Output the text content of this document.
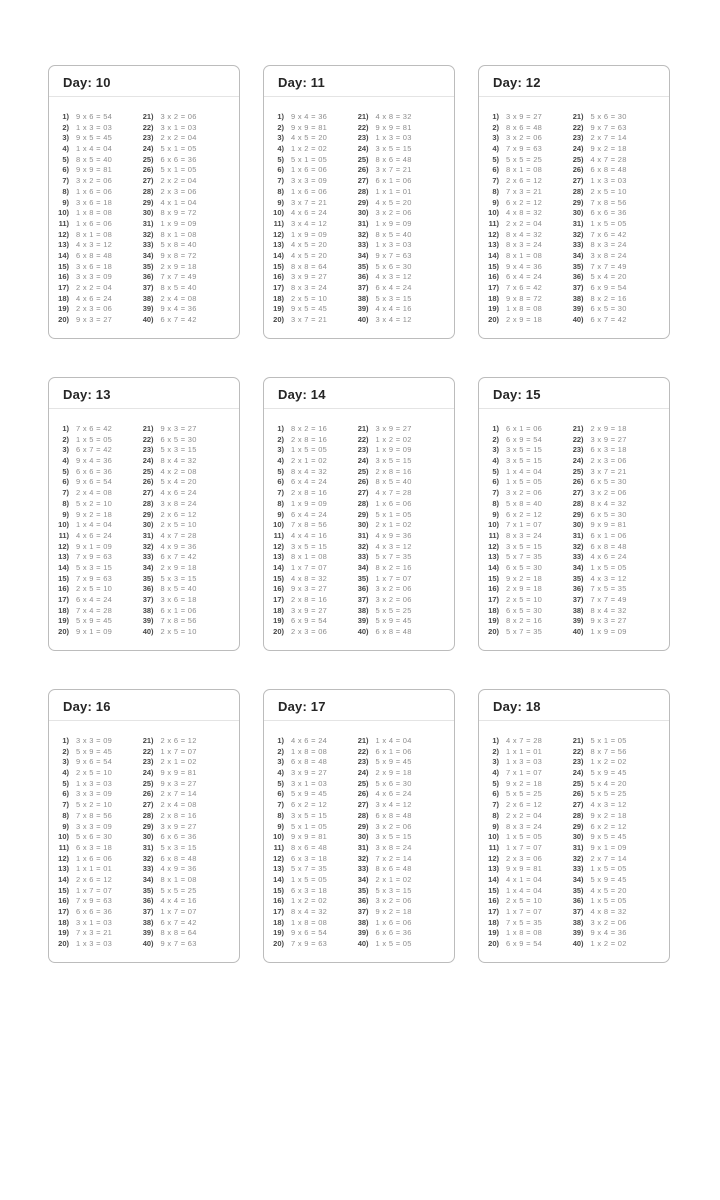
Day: 10
1) 9 x 6 = 54
2) 1 x 3 = 03
3) 9 x 5 = 45
4) 1 x 4 = 04
5) 8 x 5 = 40
6) 9 x 9 = 81
7) 3 x 2 = 06
8) 1 x 6 = 06
9) 3 x 6 = 18
10) 1 x 8 = 08
11) 1 x 6 = 06
12) 8 x 1 = 08
13) 4 x 3 = 12
14) 6 x 8 = 48
15) 3 x 6 = 18
16) 3 x 3 = 09
17) 2 x 2 = 04
18) 4 x 6 = 24
19) 2 x 3 = 06
20) 9 x 3 = 27
21) 3 x 2 = 06
22) 3 x 1 = 03
23) 2 x 2 = 04
24) 5 x 1 = 05
25) 6 x 6 = 36
26) 5 x 1 = 05
27) 2 x 2 = 04
28) 2 x 3 = 06
29) 4 x 1 = 04
30) 8 x 9 = 72
31) 1 x 9 = 09
32) 8 x 1 = 08
33) 5 x 8 = 40
34) 9 x 8 = 72
35) 2 x 9 = 18
36) 7 x 7 = 49
37) 8 x 5 = 40
38) 2 x 4 = 08
39) 9 x 4 = 36
40) 6 x 7 = 42
Day: 11
1) 9 x 4 = 36
2) 9 x 9 = 81
3) 4 x 5 = 20
4) 1 x 2 = 02
5) 5 x 1 = 05
6) 1 x 6 = 06
7) 3 x 3 = 09
8) 1 x 6 = 06
9) 3 x 7 = 21
10) 4 x 6 = 24
11) 3 x 4 = 12
12) 1 x 9 = 09
13) 4 x 5 = 20
14) 4 x 5 = 20
15) 8 x 8 = 64
16) 3 x 9 = 27
17) 8 x 3 = 24
18) 2 x 5 = 10
19) 9 x 5 = 45
20) 3 x 7 = 21
21) 4 x 8 = 32
22) 9 x 9 = 81
23) 1 x 3 = 03
24) 3 x 5 = 15
25) 8 x 6 = 48
26) 3 x 7 = 21
27) 6 x 1 = 06
28) 1 x 1 = 01
29) 4 x 5 = 20
30) 3 x 2 = 06
31) 1 x 9 = 09
32) 8 x 5 = 40
33) 1 x 3 = 03
34) 9 x 7 = 63
35) 5 x 6 = 30
36) 4 x 3 = 12
37) 6 x 4 = 24
38) 5 x 3 = 15
39) 4 x 4 = 16
40) 3 x 4 = 12
Day: 12
1) 3 x 9 = 27
2) 8 x 6 = 48
3) 3 x 2 = 06
4) 7 x 9 = 63
5) 5 x 5 = 25
6) 8 x 1 = 08
7) 2 x 6 = 12
8) 7 x 3 = 21
9) 6 x 2 = 12
10) 4 x 8 = 32
11) 2 x 2 = 04
12) 8 x 4 = 32
13) 8 x 3 = 24
14) 8 x 1 = 08
15) 9 x 4 = 36
16) 6 x 4 = 24
17) 7 x 6 = 42
18) 9 x 8 = 72
19) 1 x 8 = 08
20) 2 x 9 = 18
21) 5 x 6 = 30
22) 9 x 7 = 63
23) 2 x 7 = 14
24) 9 x 2 = 18
25) 4 x 7 = 28
26) 6 x 8 = 48
27) 1 x 3 = 03
28) 2 x 5 = 10
29) 7 x 8 = 56
30) 6 x 6 = 36
31) 1 x 5 = 05
32) 7 x 6 = 42
33) 8 x 3 = 24
34) 3 x 8 = 24
35) 7 x 7 = 49
36) 5 x 4 = 20
37) 6 x 9 = 54
38) 8 x 2 = 16
39) 6 x 5 = 30
40) 6 x 7 = 42
Day: 13
1) 7 x 6 = 42
2) 1 x 5 = 05
3) 6 x 7 = 42
4) 9 x 4 = 36
5) 6 x 6 = 36
6) 9 x 6 = 54
7) 2 x 4 = 08
8) 5 x 2 = 10
9) 9 x 2 = 18
10) 1 x 4 = 04
11) 4 x 6 = 24
12) 9 x 1 = 09
13) 7 x 9 = 63
14) 5 x 3 = 15
15) 7 x 9 = 63
16) 2 x 5 = 10
17) 6 x 4 = 24
18) 7 x 4 = 28
19) 5 x 9 = 45
20) 9 x 1 = 09
21) 9 x 3 = 27
22) 6 x 5 = 30
23) 5 x 3 = 15
24) 8 x 4 = 32
25) 4 x 2 = 08
26) 5 x 4 = 20
27) 4 x 6 = 24
28) 3 x 8 = 24
29) 2 x 6 = 12
30) 2 x 5 = 10
31) 4 x 7 = 28
32) 4 x 9 = 36
33) 6 x 7 = 42
34) 2 x 9 = 18
35) 5 x 3 = 15
36) 8 x 5 = 40
37) 3 x 6 = 18
38) 6 x 1 = 06
39) 7 x 8 = 56
40) 2 x 5 = 10
Day: 14
1) 8 x 2 = 16
2) 2 x 8 = 16
3) 1 x 5 = 05
4) 2 x 1 = 02
5) 8 x 4 = 32
6) 6 x 4 = 24
7) 2 x 8 = 16
8) 1 x 9 = 09
9) 6 x 4 = 24
10) 7 x 8 = 56
11) 4 x 4 = 16
12) 3 x 5 = 15
13) 8 x 1 = 08
14) 1 x 7 = 07
15) 4 x 8 = 32
16) 9 x 3 = 27
17) 2 x 8 = 16
18) 3 x 9 = 27
19) 6 x 9 = 54
20) 2 x 3 = 06
21) 3 x 9 = 27
22) 1 x 2 = 02
23) 1 x 9 = 09
24) 3 x 5 = 15
25) 2 x 8 = 16
26) 8 x 5 = 40
27) 4 x 7 = 28
28) 1 x 6 = 06
29) 5 x 1 = 05
30) 2 x 1 = 02
31) 4 x 9 = 36
32) 4 x 3 = 12
33) 5 x 7 = 35
34) 8 x 2 = 16
35) 1 x 7 = 07
36) 3 x 2 = 06
37) 3 x 2 = 06
38) 5 x 5 = 25
39) 5 x 9 = 45
40) 6 x 8 = 48
Day: 15
1) 6 x 1 = 06
2) 6 x 9 = 54
3) 3 x 5 = 15
4) 3 x 5 = 15
5) 1 x 4 = 04
6) 1 x 5 = 05
7) 3 x 2 = 06
8) 5 x 8 = 40
9) 6 x 2 = 12
10) 7 x 1 = 07
11) 8 x 3 = 24
12) 3 x 5 = 15
13) 5 x 7 = 35
14) 6 x 5 = 30
15) 9 x 2 = 18
16) 2 x 9 = 18
17) 2 x 5 = 10
18) 6 x 5 = 30
19) 8 x 2 = 16
20) 5 x 7 = 35
21) 2 x 9 = 18
22) 3 x 9 = 27
23) 6 x 3 = 18
24) 2 x 3 = 06
25) 3 x 7 = 21
26) 6 x 5 = 30
27) 3 x 2 = 06
28) 8 x 4 = 32
29) 6 x 5 = 30
30) 9 x 9 = 81
31) 6 x 1 = 06
32) 6 x 8 = 48
33) 4 x 6 = 24
34) 1 x 5 = 05
35) 4 x 3 = 12
36) 7 x 5 = 35
37) 7 x 7 = 49
38) 8 x 4 = 32
39) 9 x 3 = 27
40) 1 x 9 = 09
Day: 16
1) 3 x 3 = 09
2) 5 x 9 = 45
3) 9 x 6 = 54
4) 2 x 5 = 10
5) 1 x 3 = 03
6) 3 x 3 = 09
7) 5 x 2 = 10
8) 7 x 8 = 56
9) 3 x 3 = 09
10) 5 x 6 = 30
11) 6 x 3 = 18
12) 1 x 6 = 06
13) 1 x 1 = 01
14) 2 x 6 = 12
15) 1 x 7 = 07
16) 7 x 9 = 63
17) 6 x 6 = 36
18) 3 x 1 = 03
19) 7 x 3 = 21
20) 1 x 3 = 03
21) 2 x 6 = 12
22) 1 x 7 = 07
23) 2 x 1 = 02
24) 9 x 9 = 81
25) 9 x 3 = 27
26) 2 x 7 = 14
27) 2 x 4 = 08
28) 2 x 8 = 16
29) 3 x 9 = 27
30) 6 x 6 = 36
31) 5 x 3 = 15
32) 6 x 8 = 48
33) 4 x 9 = 36
34) 8 x 1 = 08
35) 5 x 5 = 25
36) 4 x 4 = 16
37) 1 x 7 = 07
38) 6 x 7 = 42
39) 8 x 8 = 64
40) 9 x 7 = 63
Day: 17
1) 4 x 6 = 24
2) 1 x 8 = 08
3) 6 x 8 = 48
4) 3 x 9 = 27
5) 3 x 1 = 03
6) 5 x 9 = 45
7) 6 x 2 = 12
8) 3 x 5 = 15
9) 5 x 1 = 05
10) 9 x 9 = 81
11) 8 x 6 = 48
12) 6 x 3 = 18
13) 5 x 7 = 35
14) 1 x 5 = 05
15) 6 x 3 = 18
16) 1 x 2 = 02
17) 8 x 4 = 32
18) 1 x 8 = 08
19) 9 x 6 = 54
20) 7 x 9 = 63
21) 1 x 4 = 04
22) 6 x 1 = 06
23) 5 x 9 = 45
24) 2 x 9 = 18
25) 5 x 6 = 30
26) 4 x 6 = 24
27) 3 x 4 = 12
28) 6 x 8 = 48
29) 3 x 2 = 06
30) 3 x 5 = 15
31) 3 x 8 = 24
32) 7 x 2 = 14
33) 8 x 6 = 48
34) 2 x 1 = 02
35) 5 x 3 = 15
36) 3 x 2 = 06
37) 9 x 2 = 18
38) 1 x 6 = 06
39) 6 x 6 = 36
40) 1 x 5 = 05
Day: 18
1) 4 x 7 = 28
2) 1 x 1 = 01
3) 1 x 3 = 03
4) 7 x 1 = 07
5) 9 x 2 = 18
6) 5 x 5 = 25
7) 2 x 6 = 12
8) 2 x 2 = 04
9) 8 x 3 = 24
10) 1 x 5 = 05
11) 1 x 7 = 07
12) 2 x 3 = 06
13) 9 x 9 = 81
14) 4 x 1 = 04
15) 1 x 4 = 04
16) 2 x 5 = 10
17) 1 x 7 = 07
18) 7 x 5 = 35
19) 1 x 8 = 08
20) 6 x 9 = 54
21) 5 x 1 = 05
22) 8 x 7 = 56
23) 1 x 2 = 02
24) 5 x 9 = 45
25) 5 x 4 = 20
26) 5 x 5 = 25
27) 4 x 3 = 12
28) 9 x 2 = 18
29) 6 x 2 = 12
30) 9 x 5 = 45
31) 9 x 1 = 09
32) 2 x 7 = 14
33) 1 x 5 = 05
34) 5 x 9 = 45
35) 4 x 5 = 20
36) 1 x 5 = 05
37) 4 x 8 = 32
38) 3 x 2 = 06
39) 9 x 4 = 36
40) 1 x 2 = 02
